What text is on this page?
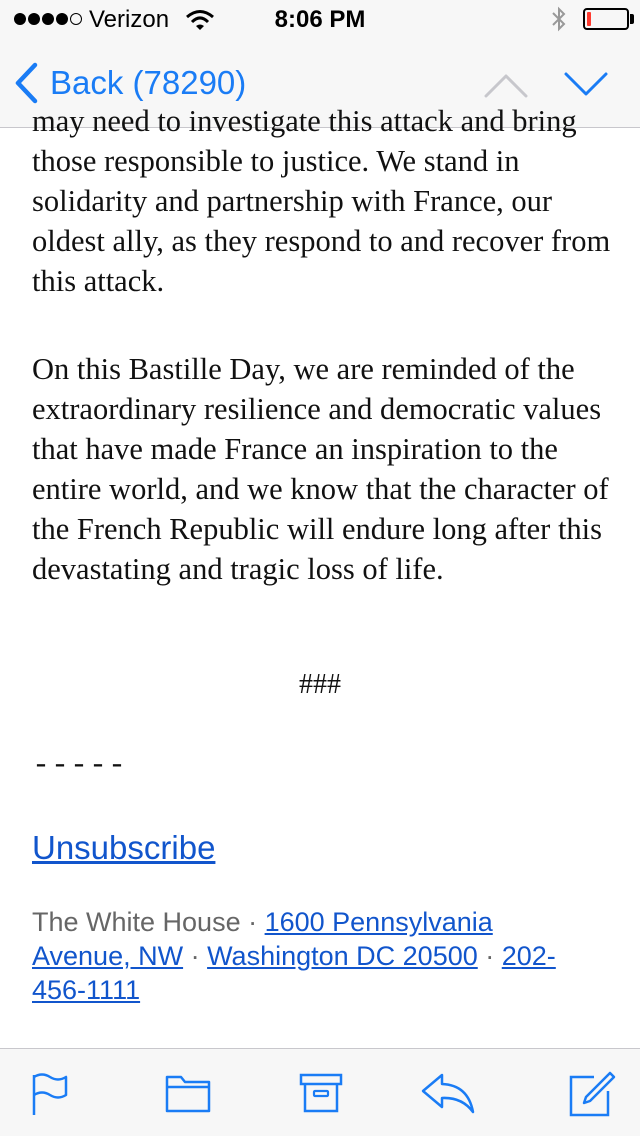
Verizon	8:06 PM
Back (78290)

may need to investigate this attack and bring those responsible to justice. We stand in solidarity and partnership with France, our oldest ally, as they respond to and recover from this attack.

On this Bastille Day, we are reminded of the extraordinary resilience and democratic values that have made France an inspiration to the entire world, and we know that the character of the French Republic will endure long after this devastating and tragic loss of life.

###
-----
Unsubscribe
The White House · 1600 Pennsylvania Avenue, NW · Washington DC 20500 · 202-456-1111
